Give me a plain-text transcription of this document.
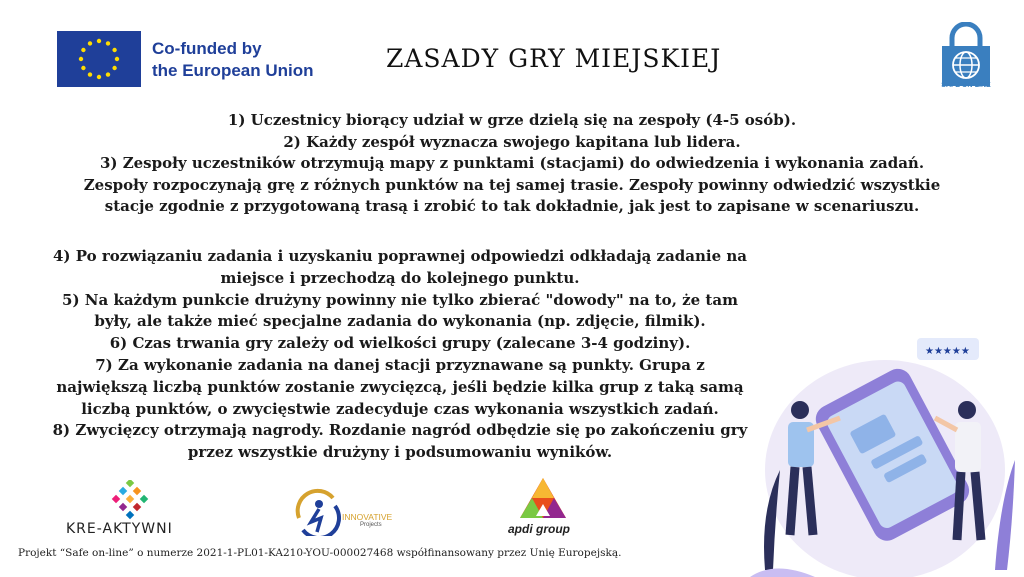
Co-funded by
the European Union	ZASADY GRY MIEJSKIEJ
SAFE ON-LINE

1) Uczestnicy biorący udział w grze dzielą się na zespoły (4-5 osób).

2) Każdy zespół wyznacza swojego kapitana lub lidera.

3) Zespoły uczestników otrzymują mapy z punktami (stacjami) do odwiedzenia i wykonania zadań.

Zespoły rozpoczynają grę z różnych punktów na tej samej trasie. Zespoły powinny odwiedzić wszystkie

stacje zgodnie z przygotowaną trasą i zrobić to tak dokładnie, jak jest to zapisane w scenariuszu.

4) Po rozwiązaniu zadania i uzyskaniu poprawnej odpowiedzi odkładają zadanie na

miejsce i przechodzą do kolejnego punktu.

5) Na każdym punkcie drużyny powinny nie tylko zbierać "dowody" na to, że tam

były, ale także mieć specjalne zadania do wykonania (np. zdjęcie, filmik).

6) Czas trwania gry zależy od wielkości grupy (zalecane 3-4 godziny).

7) Za wykonanie zadania na danej stacji przyznawane są punkty. Grupa z

największą liczbą punktów zostanie zwycięzcą, jeśli będzie kilka grup z taką samą

liczbą punktów, o zwycięstwie zadecyduje czas wykonania wszystkich zadań.

8) Zwycięzcy otrzymają nagrody. Rozdanie nagród odbędzie się po zakończeniu gry

przez wszystkie drużyny i podsumowaniu wyników.

★★★★★
KRE-AKTYWNI
INNOVATIVE
Projects	apdi group
Projekt “Safe on-line” o numerze 2021-1-PL01-KA210-YOU-000027468 współfinansowany przez Unię Europejską.
